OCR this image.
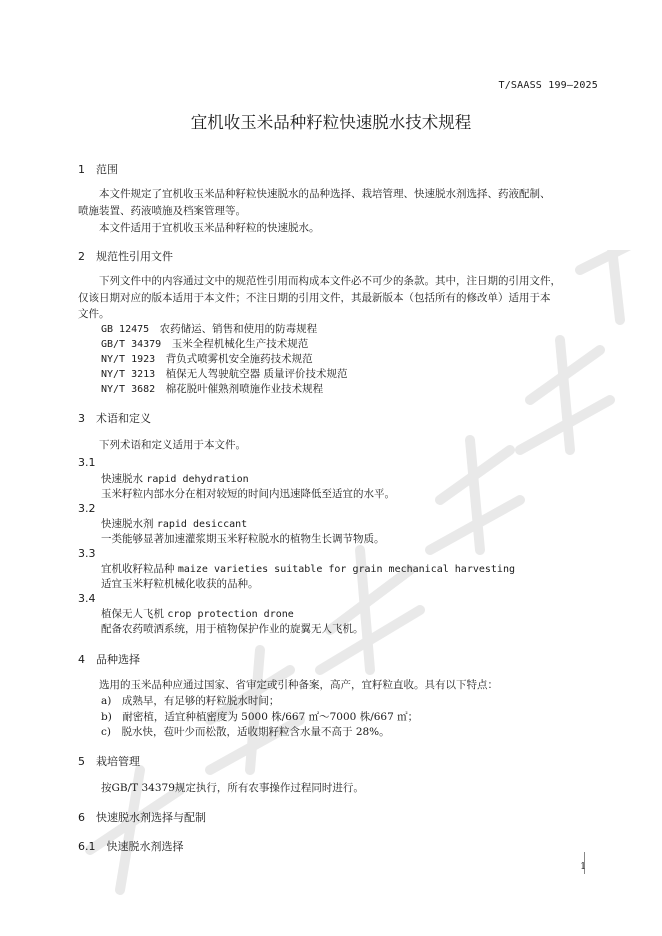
T/SAASS 199—2025
宜机收玉米品种籽粒快速脱水技术规程
1　范围
本文件规定了宜机收玉米品种籽粒快速脱水的品种选择、栽培管理、快速脱水剂选择、药液配制、
喷施装置、药液喷施及档案管理等。
本文件适用于宜机收玉米品种籽粒的快速脱水。
2　规范性引用文件
下列文件中的内容通过文中的规范性引用而构成本文件必不可少的条款。其中，注日期的引用文件，
仅该日期对应的版本适用于本文件；不注日期的引用文件，其最新版本（包括所有的修改单）适用于本
文件。
GB 12475  农药储运、销售和使用的防毒规程
GB/T 34379  玉米全程机械化生产技术规范
NY/T 1923  背负式喷雾机安全施药技术规范
NY/T 3213  植保无人驾驶航空器 质量评价技术规范
NY/T 3682  棉花脱叶催熟剂喷施作业技术规程
3　术语和定义
下列术语和定义适用于本文件。
3.1
快速脱水 rapid dehydration
玉米籽粒内部水分在相对较短的时间内迅速降低至适宜的水平。
3.2
快速脱水剂 rapid desiccant
一类能够显著加速灌浆期玉米籽粒脱水的植物生长调节物质。
3.3
宜机收籽粒品种 maize varieties suitable for grain mechanical harvesting
适宜玉米籽粒机械化收获的品种。
3.4
植保无人飞机 crop protection drone
配备农药喷洒系统，用于植物保护作业的旋翼无人飞机。
4　品种选择
选用的玉米品种应通过国家、省审定或引种备案，高产，宜籽粒直收。具有以下特点：
a)　成熟早，有足够的籽粒脱水时间；
b)　耐密植，适宜种植密度为 5000 株/667 ㎡～7000 株/667 ㎡；
c)　脱水快，苞叶少而松散，适收期籽粒含水量不高于 28%。
5　栽培管理
按GB/T 34379规定执行，所有农事操作过程同时进行。
6　快速脱水剂选择与配制
6.1　快速脱水剂选择
1
